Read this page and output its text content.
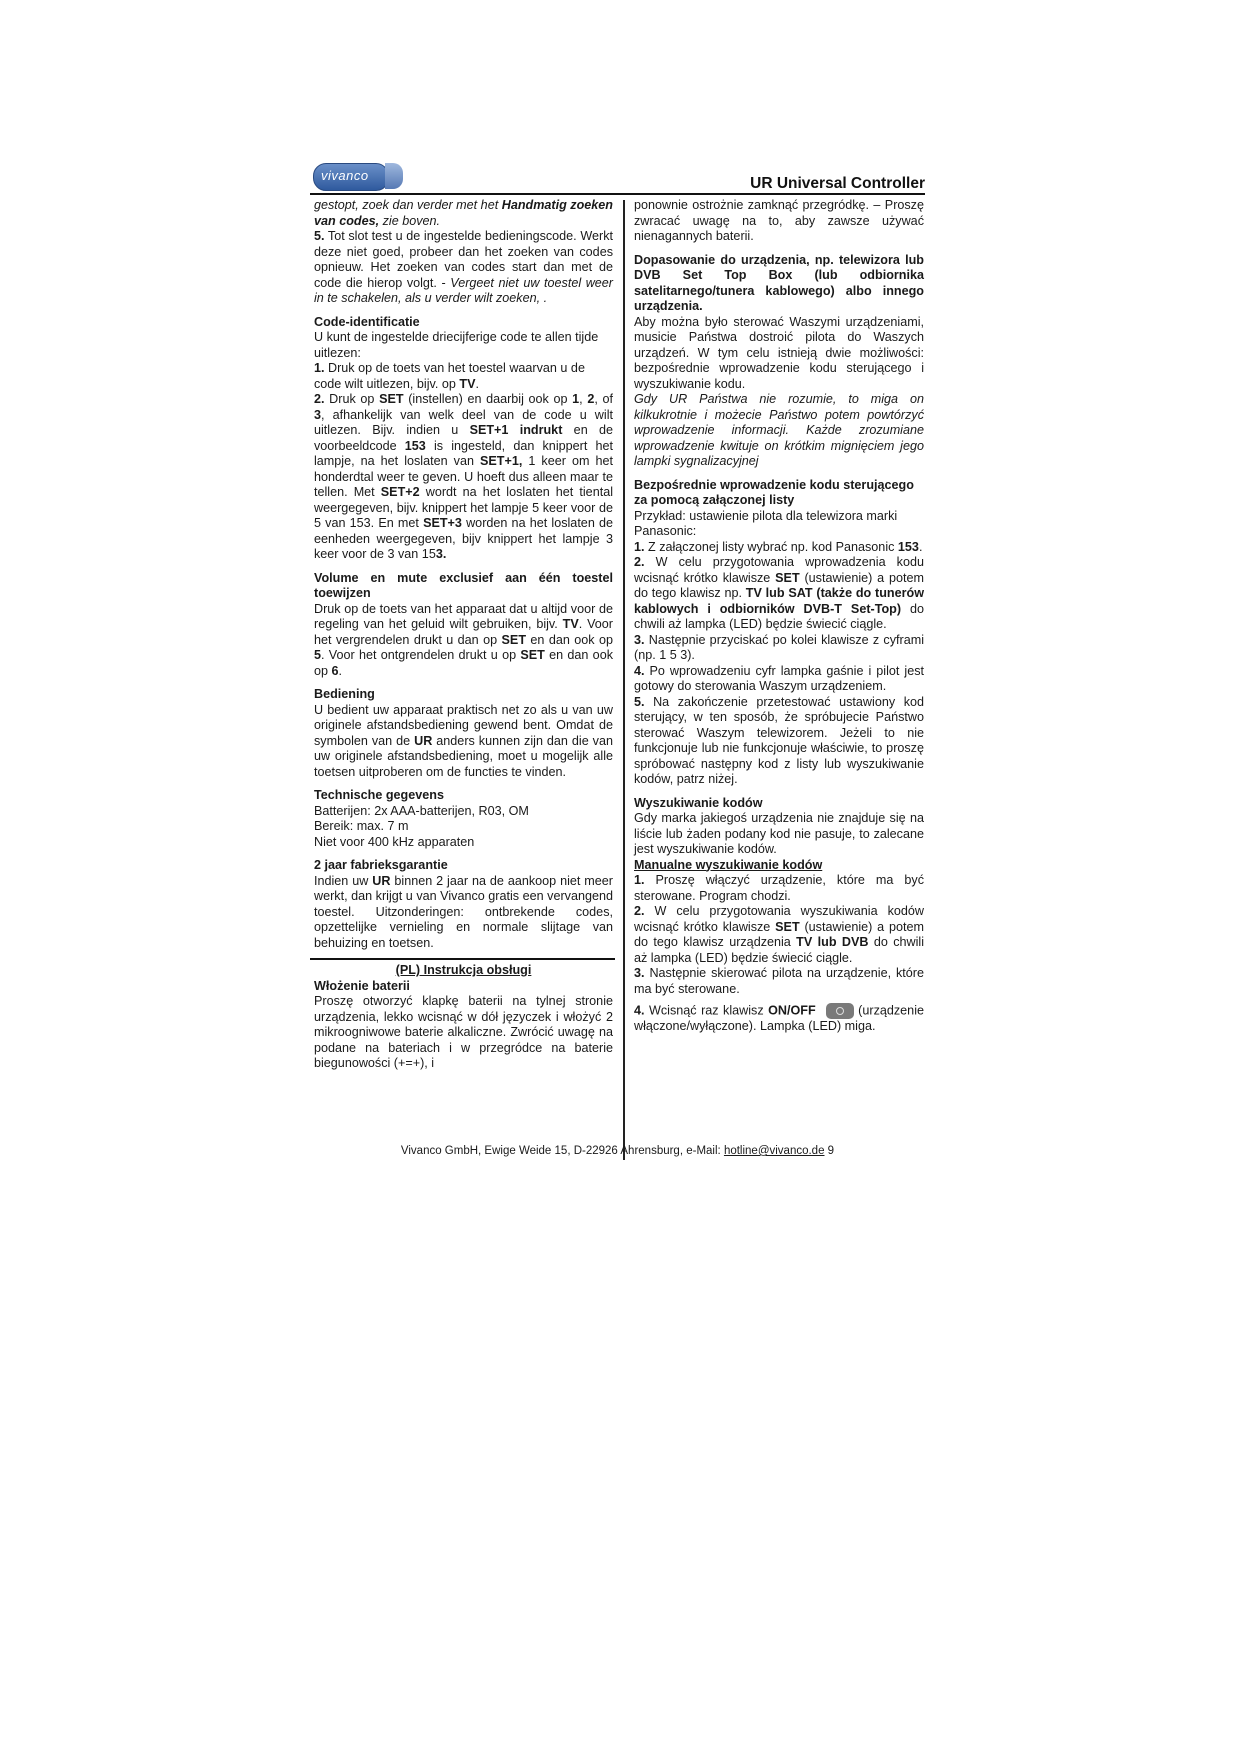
vivanco	UR Universal Controller

gestopt, zoek dan verder met het Handmatig zoeken van codes, zie boven.

5. Tot slot test u de ingestelde bedieningscode. Werkt deze niet goed, probeer dan het zoeken van codes opnieuw. Het zoeken van codes start dan met de code die hierop volgt. - Vergeet niet uw toestel weer in te schakelen, als u verder wilt zoeken, .

Code-identificatie

U kunt de ingestelde driecijferige code te allen tijde uitlezen:

1. Druk op de toets van het toestel waarvan u de code wilt uitlezen, bijv. op TV.

2. Druk op SET (instellen) en daarbij ook op 1, 2, of 3, afhankelijk van welk deel van de code u wilt uitlezen. Bijv. indien u SET+1 indrukt en de voorbeeldcode 153 is ingesteld, dan knippert het lampje, na het loslaten van SET+1, 1 keer om het honderdtal weer te geven. U hoeft dus alleen maar te tellen. Met SET+2 wordt na het loslaten het tiental weergegeven, bijv. knippert het lampje 5 keer voor de 5 van 153. En met SET+3 worden na het loslaten de eenheden weergegeven, bijv knippert het lampje 3 keer voor de 3 van 153.

Volume en mute exclusief aan één toestel toewijzen

Druk op de toets van het apparaat dat u altijd voor de regeling van het geluid wilt gebruiken, bijv. TV. Voor het vergrendelen drukt u dan op SET en dan ook op 5. Voor het ontgrendelen drukt u op SET en dan ook op 6.

Bediening

U bedient uw apparaat praktisch net zo als u van uw originele afstandsbediening gewend bent. Omdat de symbolen van de UR anders kunnen zijn dan die van uw originele afstandsbediening, moet u mogelijk alle toetsen uitproberen om de functies te vinden.

Technische gegevens

Batterijen: 2x AAA-batterijen, R03, OM

Bereik: max. 7 m

Niet voor 400 kHz apparaten

2 jaar fabrieksgarantie

Indien uw UR binnen 2 jaar na de aankoop niet meer werkt, dan krijgt u van Vivanco gratis een vervangend toestel. Uitzonderingen: ontbrekende codes, opzettelijke vernieling en normale slijtage van behuizing en toetsen.

(PL) Instrukcja obsługi

Włożenie baterii

Proszę otworzyć klapkę baterii na tylnej stronie urządzenia, lekko wcisnąć w dół języczek i włożyć 2 mikroogniwowe baterie alkaliczne. Zwrócić uwagę na podane na bateriach i w przegródce na baterie biegunowości (+=+), i

ponownie ostrożnie zamknąć przegródkę. – Proszę zwracać uwagę na to, aby zawsze używać nienagannych baterii.

Dopasowanie do urządzenia, np. telewizora lub DVB Set Top Box (lub odbiornika satelitarnego/tunera kablowego) albo innego urządzenia.

Aby można było sterować Waszymi urządzeniami, musicie Państwa dostroić pilota do Waszych urządzeń. W tym celu istnieją dwie możliwości: bezpośrednie wprowadzenie kodu sterującego i wyszukiwanie kodu.

Gdy UR Państwa nie rozumie, to miga on kilkukrotnie i możecie Państwo potem powtórzyć wprowadzenie informacji. Każde zrozumiane wprowadzenie kwituje on krótkim mignięciem jego lampki sygnalizacyjnej

Bezpośrednie wprowadzenie kodu sterującego za pomocą załączonej listy

Przykład: ustawienie pilota dla telewizora marki Panasonic:

1. Z załączonej listy wybrać np. kod Panasonic 153.

2. W celu przygotowania wprowadzenia kodu wcisnąć krótko klawisze SET (ustawienie) a potem do tego klawisz np. TV lub SAT (także do tunerów kablowych i odbiorników DVB-T Set-Top) do chwili aż lampka (LED) będzie świecić ciągle.

3. Następnie przyciskać po kolei klawisze z cyframi (np. 1 5 3).

4. Po wprowadzeniu cyfr lampka gaśnie i pilot jest gotowy do sterowania Waszym urządzeniem.

5. Na zakończenie przetestować ustawiony kod sterujący, w ten sposób, że spróbujecie Państwo sterować Waszym telewizorem. Jeżeli to nie funkcjonuje lub nie funkcjonuje właściwie, to proszę spróbować następny kod z listy lub wyszukiwanie kodów, patrz niżej.

Wyszukiwanie kodów

Gdy marka jakiegoś urządzenia nie znajduje się na liście lub żaden podany kod nie pasuje, to zalecane jest wyszukiwanie kodów.

Manualne wyszukiwanie kodów

1. Proszę włączyć urządzenie, które ma być sterowane. Program chodzi.

2. W celu przygotowania wyszukiwania kodów wcisnąć krótko klawisze SET (ustawienie) a potem do tego klawisz urządzenia TV lub DVB do chwili aż lampka (LED) będzie świecić ciągle.

3. Następnie skierować pilota na urządzenie, które ma być sterowane.

4. Wcisnąć raz klawisz ON/OFF	(urządzenie włączone/wyłączone). Lampka (LED) miga.

Vivanco GmbH, Ewige Weide 15, D-22926 Ahrensburg, e-Mail: hotline@vivanco.de 9
